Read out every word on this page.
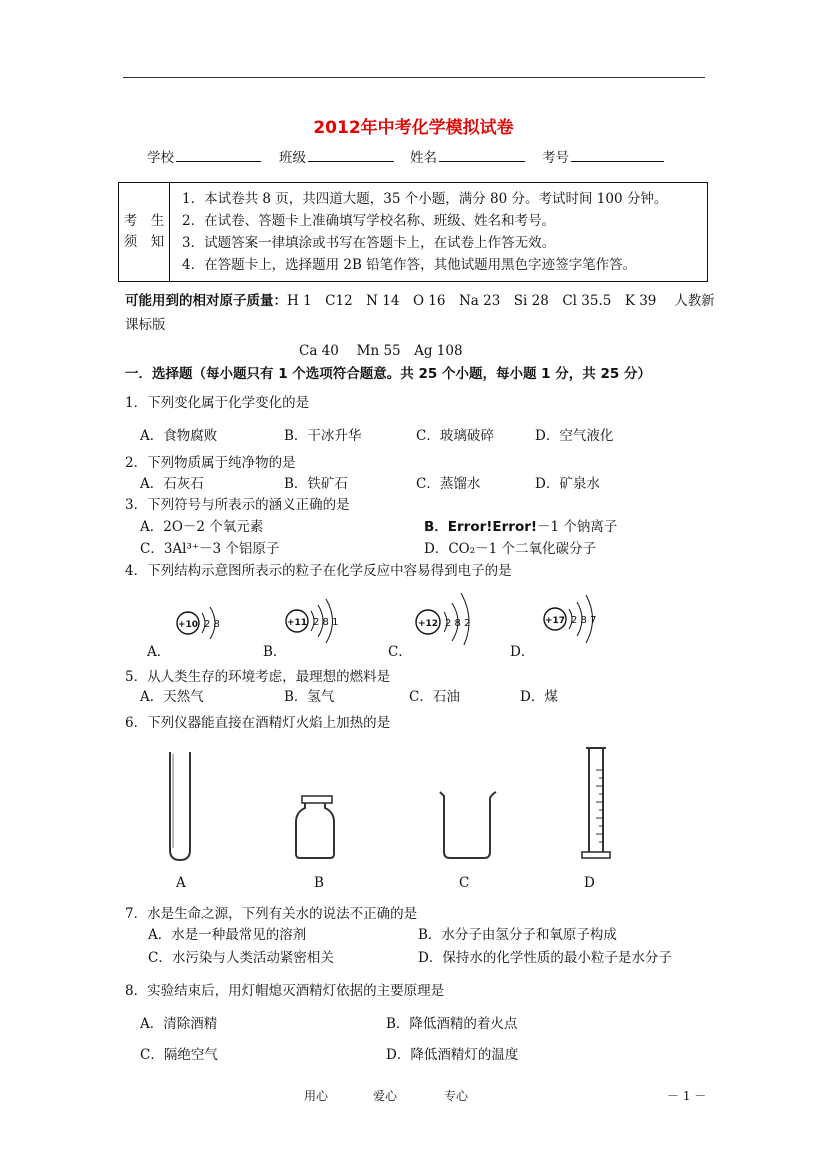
2012年中考化学模拟试卷
学校	班级	姓名	考号
考　生
须　知

1．本试卷共 8 页，共四道大题，35 个小题，满分 80 分。考试时间 100 分钟。
2．在试卷、答题卡上准确填写学校名称、班级、姓名和考号。
3．试题答案一律填涂或书写在答题卡上，在试卷上作答无效。
4．在答题卡上，选择题用 2B 铅笔作答，其他试题用黑色字迹签字笔作答。
可能用到的相对原子质量：H 1　C12　N 14　O 16　Na 23　Si 28　Cl 35.5　K 39　 人教新
课标版
Ca 40　 Mn 55　Ag 108
一．选择题（每小题只有 1 个选项符合题意。共 25 个小题，每小题 1 分，共 25 分）
1．下列变化属于化学变化的是
A．食物腐败	B．干冰升华	C．玻璃破碎	D．空气液化
2．下列物质属于纯净物的是
A．石灰石	B．铁矿石	C．蒸馏水	D．矿泉水
3．下列符号与所表示的涵义正确的是
A．2O－2 个氧元素	B．Error!Error!－1 个钠离子
C．3Al³⁺－3 个铝原子	D．CO₂－1 个二氧化碳分子
4．下列结构示意图所表示的粒子在化学反应中容易得到电子的是
+10 2 8	+11 2 8 1	+12 2 8 2	+17 2 8 7
A．	B．	C．	D．
5．从人类生存的环境考虑，最理想的燃料是
A．天然气	B．氢气	C．石油	D．煤
6．下列仪器能直接在酒精灯火焰上加热的是
A	B	C	D
7．水是生命之源，下列有关水的说法不正确的是
A．水是一种最常见的溶剂	B．水分子由氢分子和氧原子构成
C．水污染与人类活动紧密相关	D．保持水的化学性质的最小粒子是水分子
8．实验结束后，用灯帽熄灭酒精灯依据的主要原理是
A．清除酒精	B．降低酒精的着火点
C．隔绝空气	D．降低酒精灯的温度
用心	爱心	专心	－ 1 －
